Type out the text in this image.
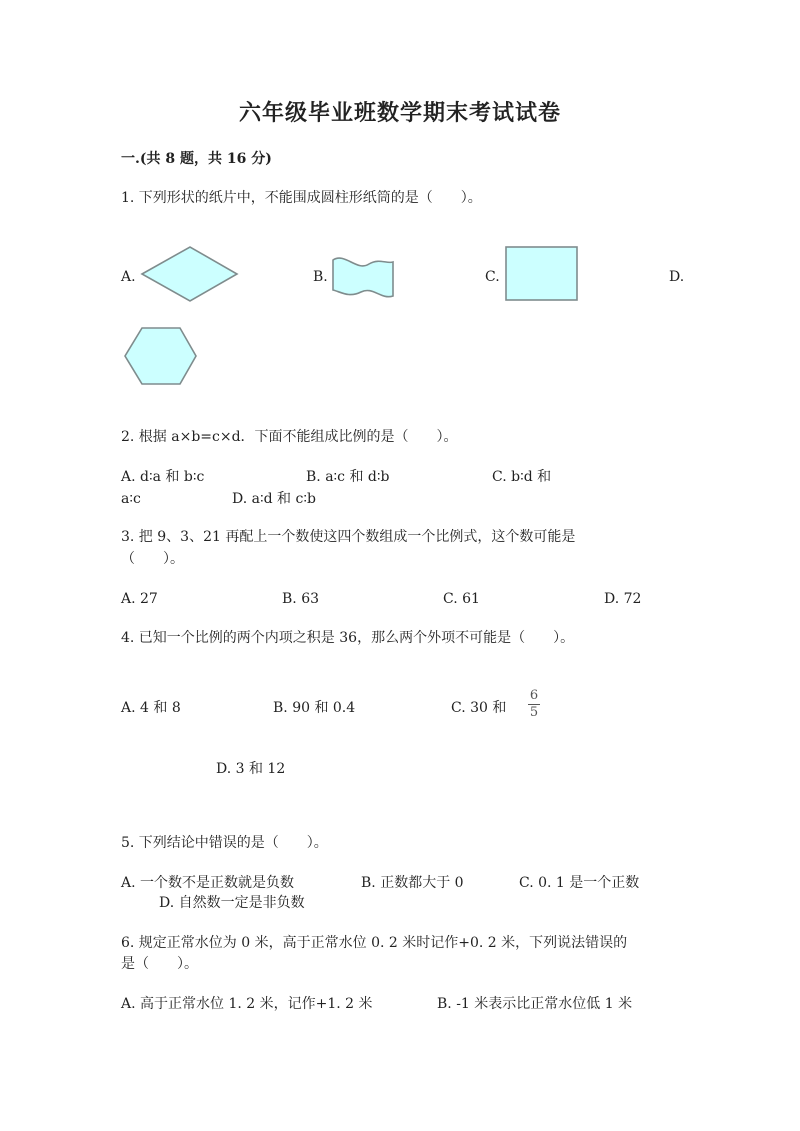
六年级毕业班数学期末考试试卷
一.(共 8 题，共 16 分)
1. 下列形状的纸片中，不能围成圆柱形纸筒的是（　　）。
A.	B.	C.	D.
2. 根据 a×b=c×d．下面不能组成比例的是（　　）。
A. d∶a 和 b∶c	B. a∶c 和 d∶b	C. b∶d 和
a∶c	D. a∶d 和 c∶b
3. 把 9、3、21 再配上一个数使这四个数组成一个比例式，这个数可能是
（　　）。
A. 27	B. 63	C. 61	D. 72
4. 已知一个比例的两个内项之积是 36，那么两个外项不可能是（　　）。
A. 4 和 8	B. 90 和 0.4	C. 30 和
6
5
D. 3 和 12
5. 下列结论中错误的是（　　）。
A. 一个数不是正数就是负数	B. 正数都大于 0	C. 0. 1 是一个正数
D. 自然数一定是非负数
6. 规定正常水位为 0 米，高于正常水位 0. 2 米时记作+0. 2 米，下列说法错误的
是（　　）。
A. 高于正常水位 1. 2 米，记作+1. 2 米	B. -1 米表示比正常水位低 1 米
